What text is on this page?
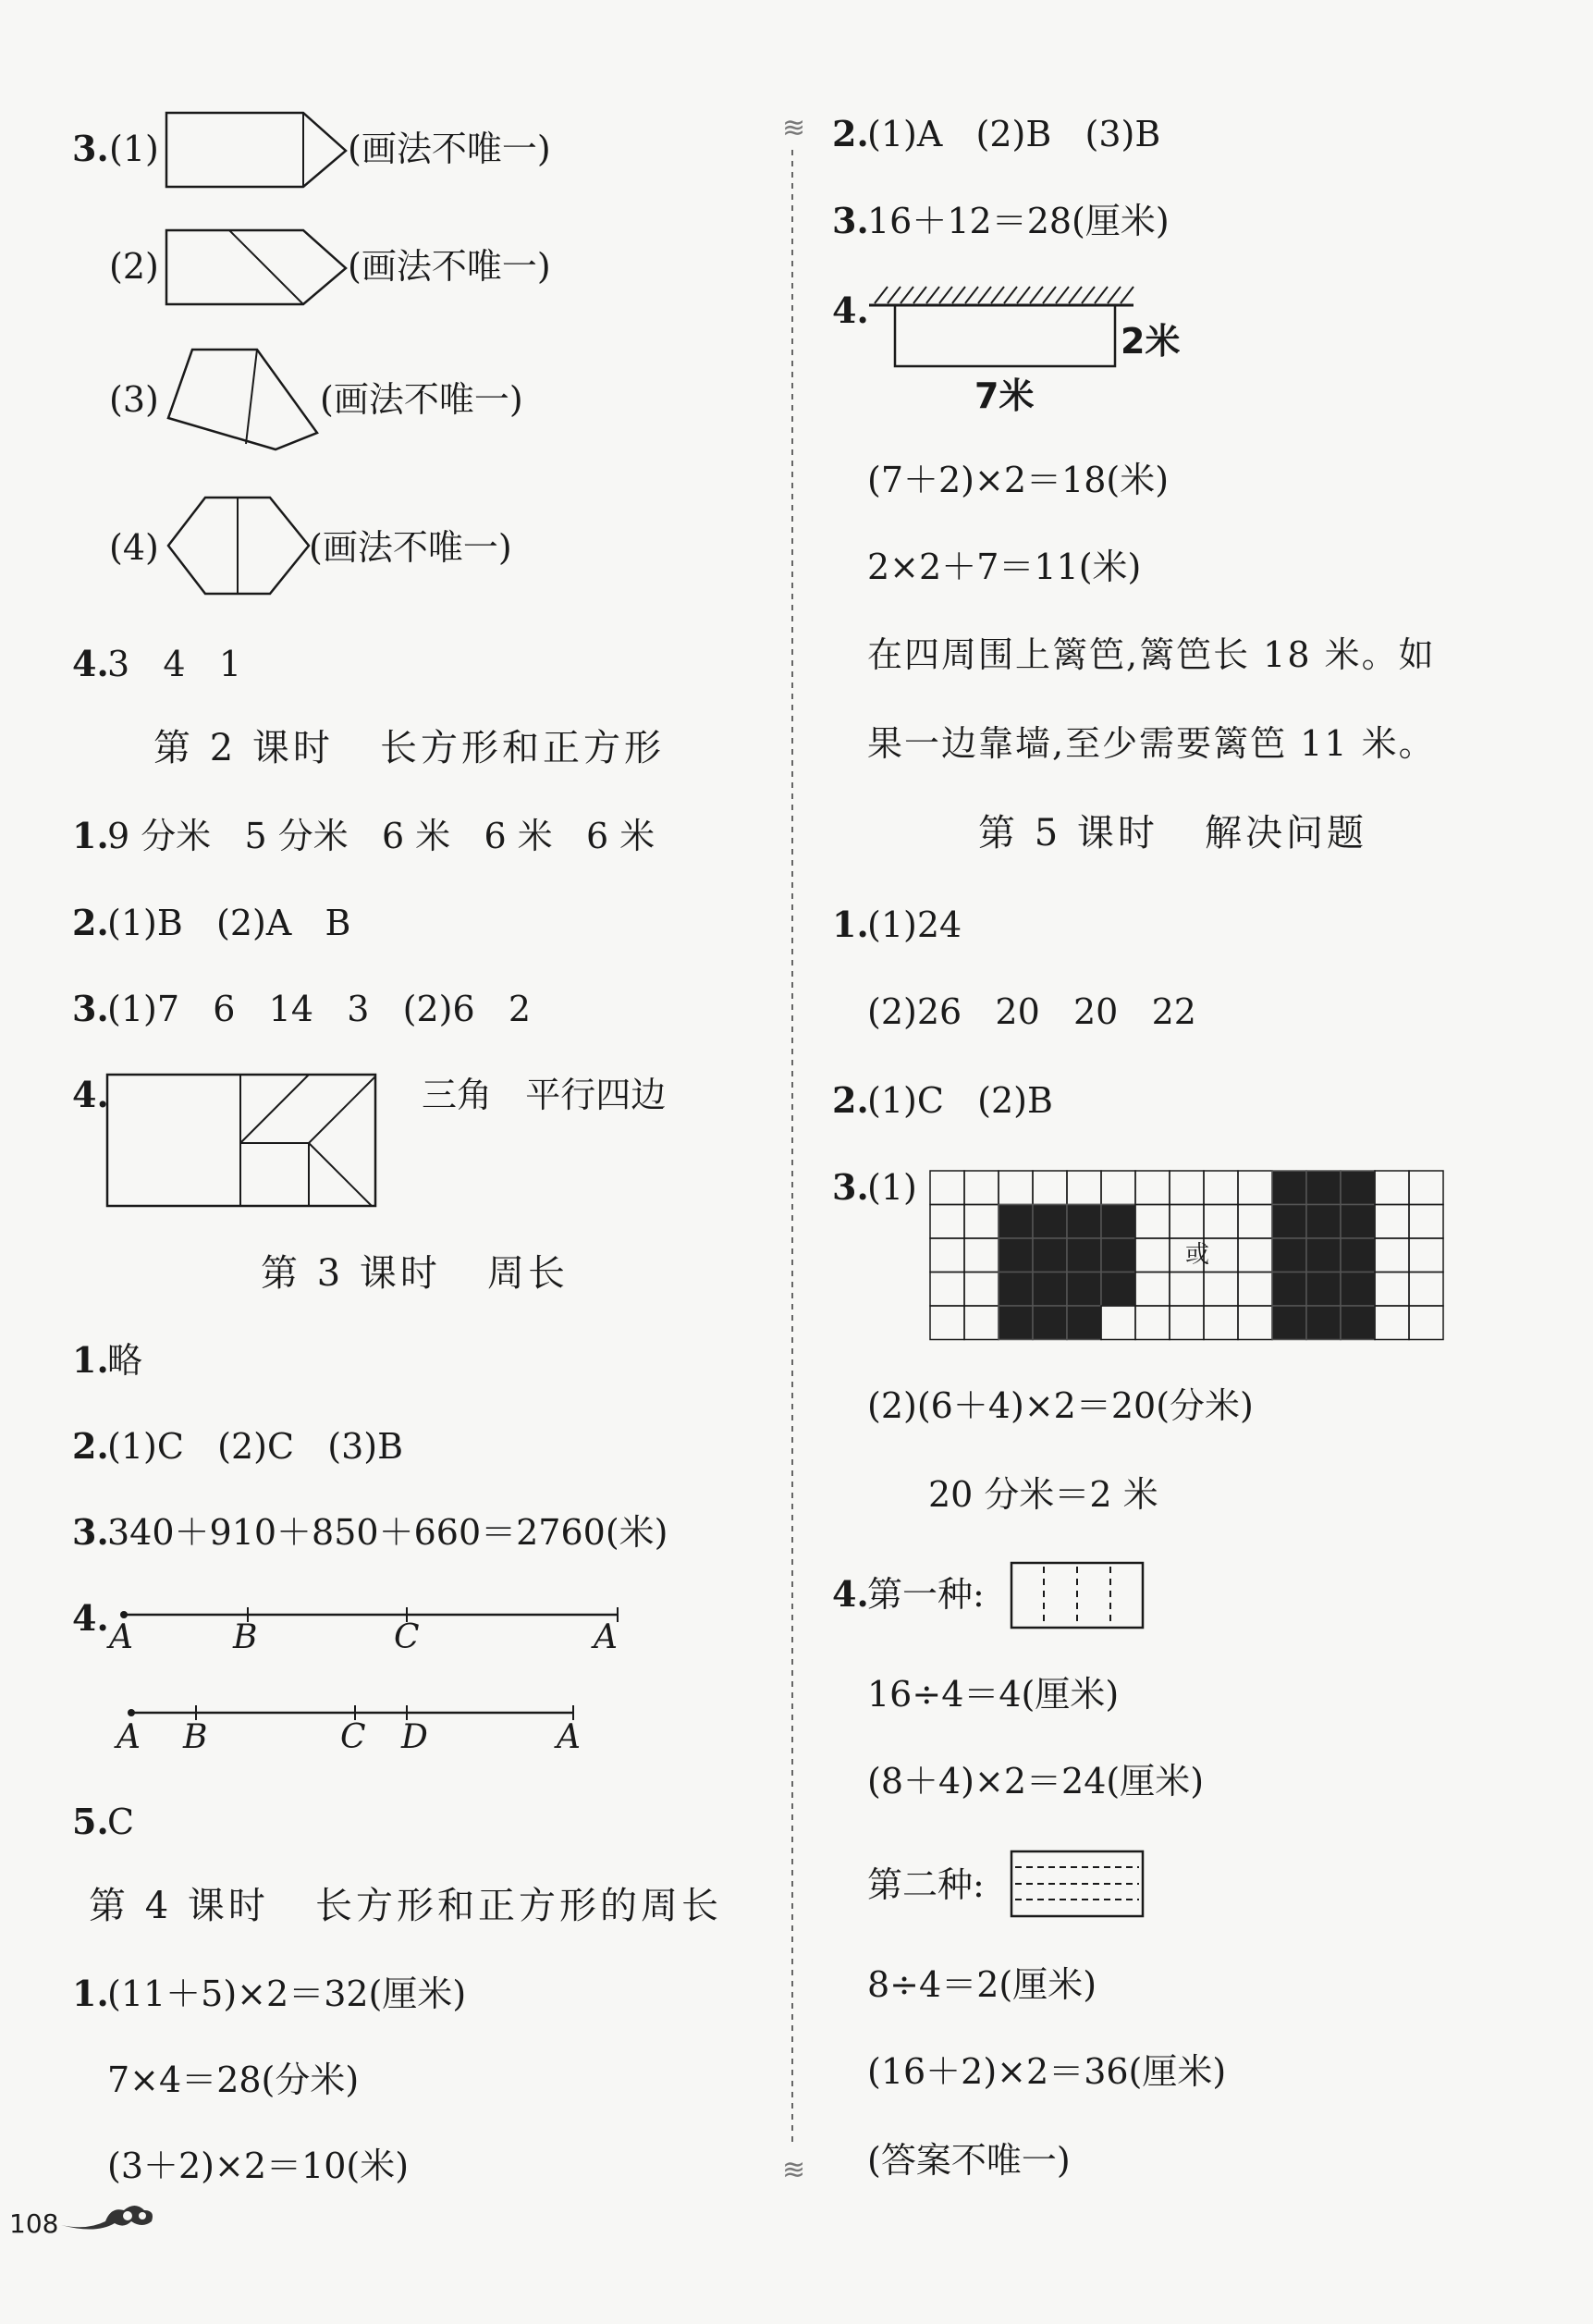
3. (1)	(画法不唯一)
(2)	(画法不唯一)
(3)	(画法不唯一)
(4)	(画法不唯一)
4.
3   4   1
第 2 课时   长方形和正方形
1.
9 分米   5 分米   6 米   6 米   6 米
2.
(1)B   (2)A   B
3.
(1)7   6   14   3   (2)6   2
4.	三角   平行四边
第 3 课时   周长
1.
略
2.
(1)C   (2)C   (3)B
3.
340＋910＋850＋660＝2760(米)
4. A	B	C	A
A B	C D	A
5.
C
第 4 课时   长方形和正方形的周长
1.
(11＋5)×2＝32(厘米)
7×4＝28(分米)
(3＋2)×2＝10(米)
≋
≋
2.
(1)A   (2)B   (3)B
3.
16＋12＝28(厘米)
4.
2米
7米
(7＋2)×2＝18(米)
2×2＋7＝11(米)
在四周围上篱笆,篱笆长 18 米。如
果一边靠墙,至少需要篱笆 11 米。
第 5 课时   解决问题
1.
(1)24
(2)26   20   20   22
2.
(1)C   (2)B
3.
(1)
或
(2)(6＋4)×2＝20(分米)
20 分米＝2 米
4.
第一种:
16÷4＝4(厘米)
(8＋4)×2＝24(厘米)
第二种:
8÷4＝2(厘米)
(16＋2)×2＝36(厘米)
(答案不唯一)
108
